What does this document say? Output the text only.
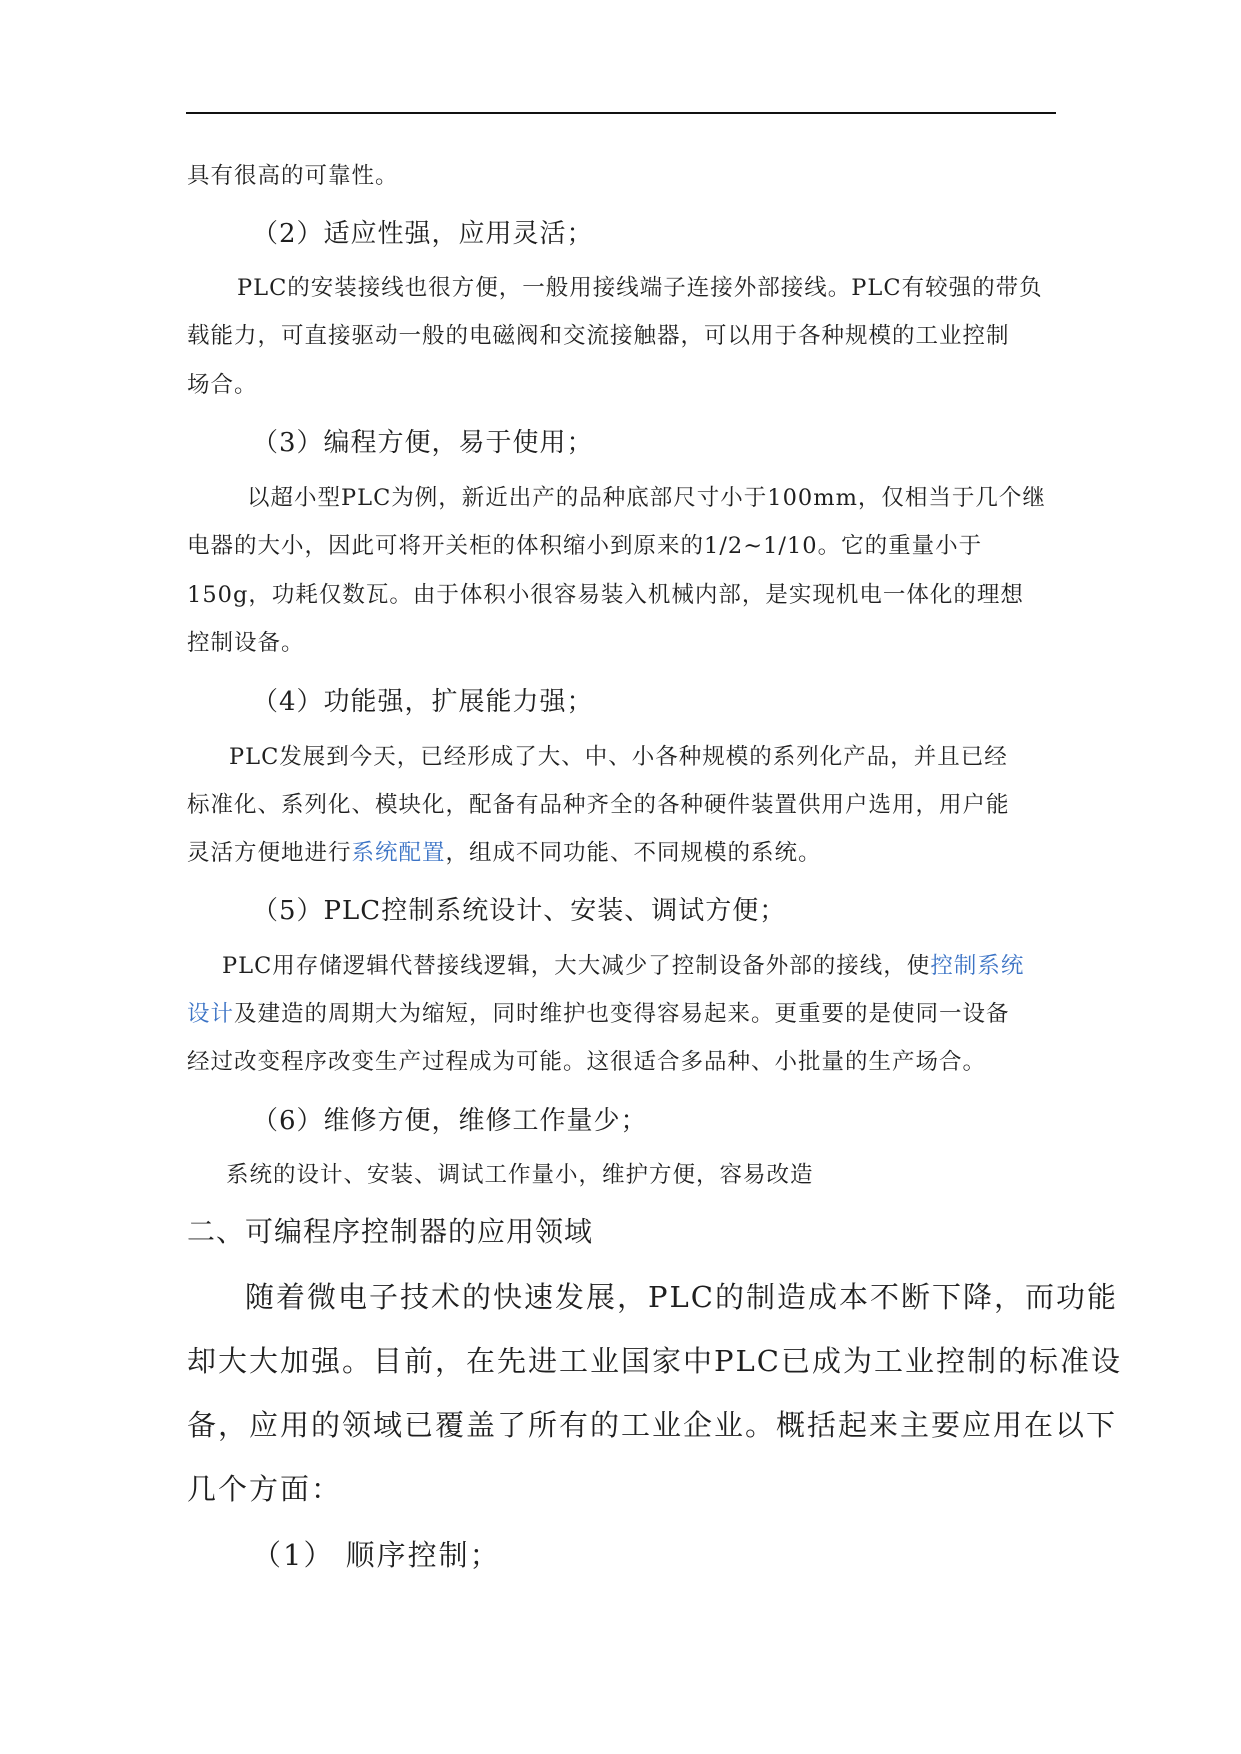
具有很高的可靠性。
（2）适应性强，应用灵活；
PLC的安装接线也很方便，一般用接线端子连接外部接线。PLC有较强的带负
载能力，可直接驱动一般的电磁阀和交流接触器，可以用于各种规模的工业控制
场合。
（3）编程方便，易于使用；
以超小型PLC为例，新近出产的品种底部尺寸小于100mm，仅相当于几个继
电器的大小，因此可将开关柜的体积缩小到原来的1/2~1/10。它的重量小于
150g，功耗仅数瓦。由于体积小很容易装入机械内部，是实现机电一体化的理想
控制设备。
（4）功能强，扩展能力强；
PLC发展到今天，已经形成了大、中、小各种规模的系列化产品，并且已经
标准化、系列化、模块化，配备有品种齐全的各种硬件装置供用户选用，用户能
灵活方便地进行系统配置，组成不同功能、不同规模的系统。
（5）PLC控制系统设计、安装、调试方便；
PLC用存储逻辑代替接线逻辑，大大减少了控制设备外部的接线，使控制系统
设计及建造的周期大为缩短，同时维护也变得容易起来。更重要的是使同一设备
经过改变程序改变生产过程成为可能。这很适合多品种、小批量的生产场合。
（6）维修方便，维修工作量少；
系统的设计、安装、调试工作量小，维护方便，容易改造
二、可编程序控制器的应用领域
随着微电子技术的快速发展，PLC的制造成本不断下降，而功能
却大大加强。目前，在先进工业国家中PLC已成为工业控制的标准设
备，应用的领域已覆盖了所有的工业企业。概括起来主要应用在以下
几个方面：
（1） 顺序控制；
